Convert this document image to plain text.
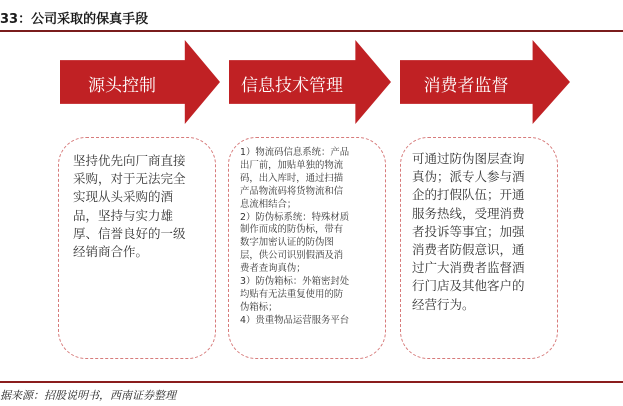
33：公司采取的保真手段
源头控制	信息技术管理	消费者监督
坚持优先向厂商直接
采购，对于无法完全
实现从头采购的酒
品，坚持与实力雄
厚、信誉良好的一级
经销商合作。
1）物流码信息系统：产品
出厂前，加贴单独的物流
码，出入库时，通过扫描
产品物流码将货物流和信
息流相结合；
2）防伪标系统：特殊材质
制作而成的防伪标，带有
数字加密认证的防伪图
层，供公司识别假酒及消
费者查询真伪；
3）防伪箱标：外箱密封处
均贴有无法重复使用的防
伪箱标；
4）贵重物品运营服务平台
可通过防伪图层查询
真伪；派专人参与酒
企的打假队伍；开通
服务热线，受理消费
者投诉等事宜；加强
消费者防假意识，通
过广大消费者监督酒
行门店及其他客户的
经营行为。
据来源：招股说明书，西南证券整理
